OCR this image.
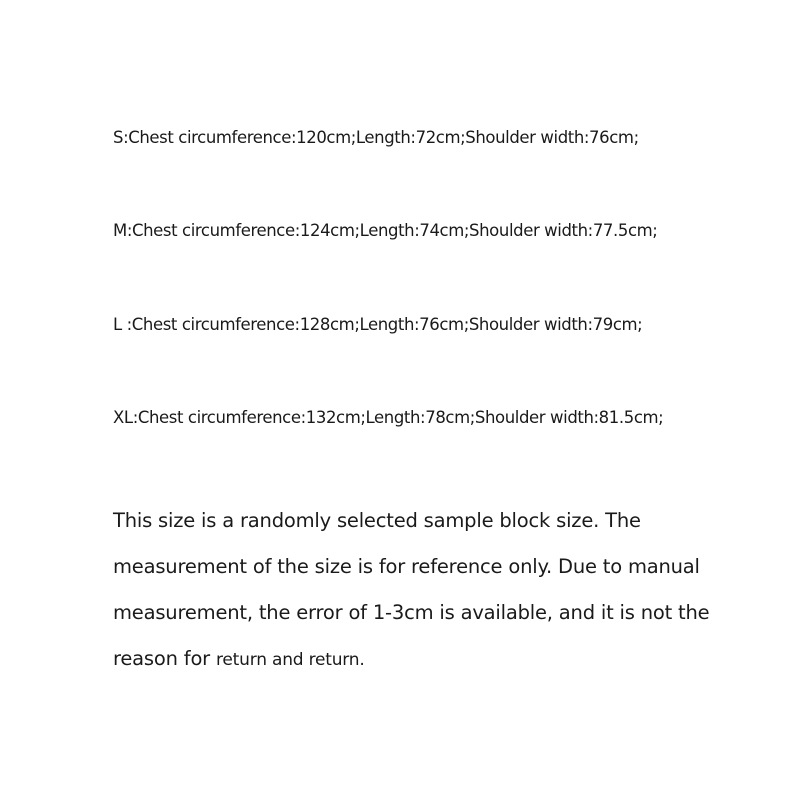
S:Chest circumference:120cm;Length:72cm;Shoulder width:76cm;
M:Chest circumference:124cm;Length:74cm;Shoulder width:77.5cm;
L :Chest circumference:128cm;Length:76cm;Shoulder width:79cm;
XL:Chest circumference:132cm;Length:78cm;Shoulder width:81.5cm;
This size is a randomly selected sample block size. The
measurement of the size is for reference only. Due to manual
measurement, the error of 1-3cm is available, and it is not the
reason for return and return.
